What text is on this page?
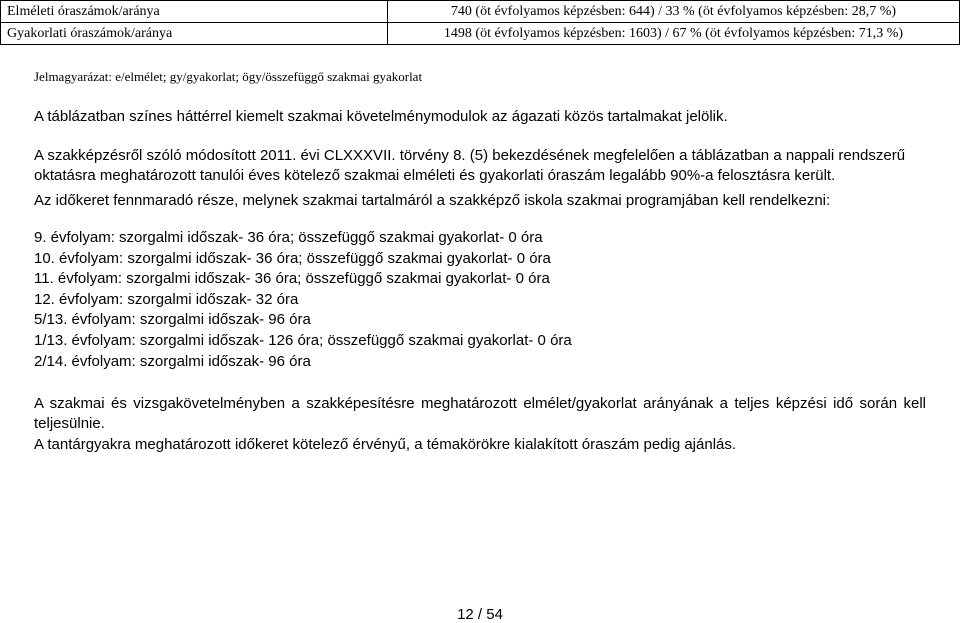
Elméleti óraszámok/aránya	740 (öt évfolyamos képzésben: 644) / 33 % (öt évfolyamos képzésben: 28,7 %)
Gyakorlati óraszámok/aránya	1498 (öt évfolyamos képzésben: 1603) / 67 % (öt évfolyamos képzésben: 71,3 %)

Jelmagyarázat: e/elmélet; gy/gyakorlat; ögy/összefüggő szakmai gyakorlat

A táblázatban színes háttérrel kiemelt szakmai követelménymodulok az ágazati közös tartalmakat jelölik.

A szakképzésről szóló módosított 2011. évi CLXXXVII. törvény 8. (5) bekezdésének megfelelően a táblázatban a nappali rendszerű oktatásra meghatározott tanulói éves kötelező szakmai elméleti és gyakorlati óraszám legalább 90%-a felosztásra került.

Az időkeret fennmaradó része, melynek szakmai tartalmáról a szakképző iskola szakmai programjában kell rendelkezni:

9. évfolyam: szorgalmi időszak- 36 óra; összefüggő szakmai gyakorlat- 0 óra
10. évfolyam: szorgalmi időszak- 36 óra; összefüggő szakmai gyakorlat- 0 óra
11. évfolyam: szorgalmi időszak- 36 óra; összefüggő szakmai gyakorlat- 0 óra
12. évfolyam: szorgalmi időszak- 32 óra
5/13. évfolyam: szorgalmi időszak- 96 óra
1/13. évfolyam: szorgalmi időszak- 126 óra; összefüggő szakmai gyakorlat- 0 óra
2/14. évfolyam: szorgalmi időszak- 96 óra

A szakmai és vizsgakövetelményben a szakképesítésre meghatározott elmélet/gyakorlat arányának a teljes képzési idő során kell teljesülnie.

A tantárgyakra meghatározott időkeret kötelező érvényű, a témakörökre kialakított óraszám pedig ajánlás.

12 / 54
